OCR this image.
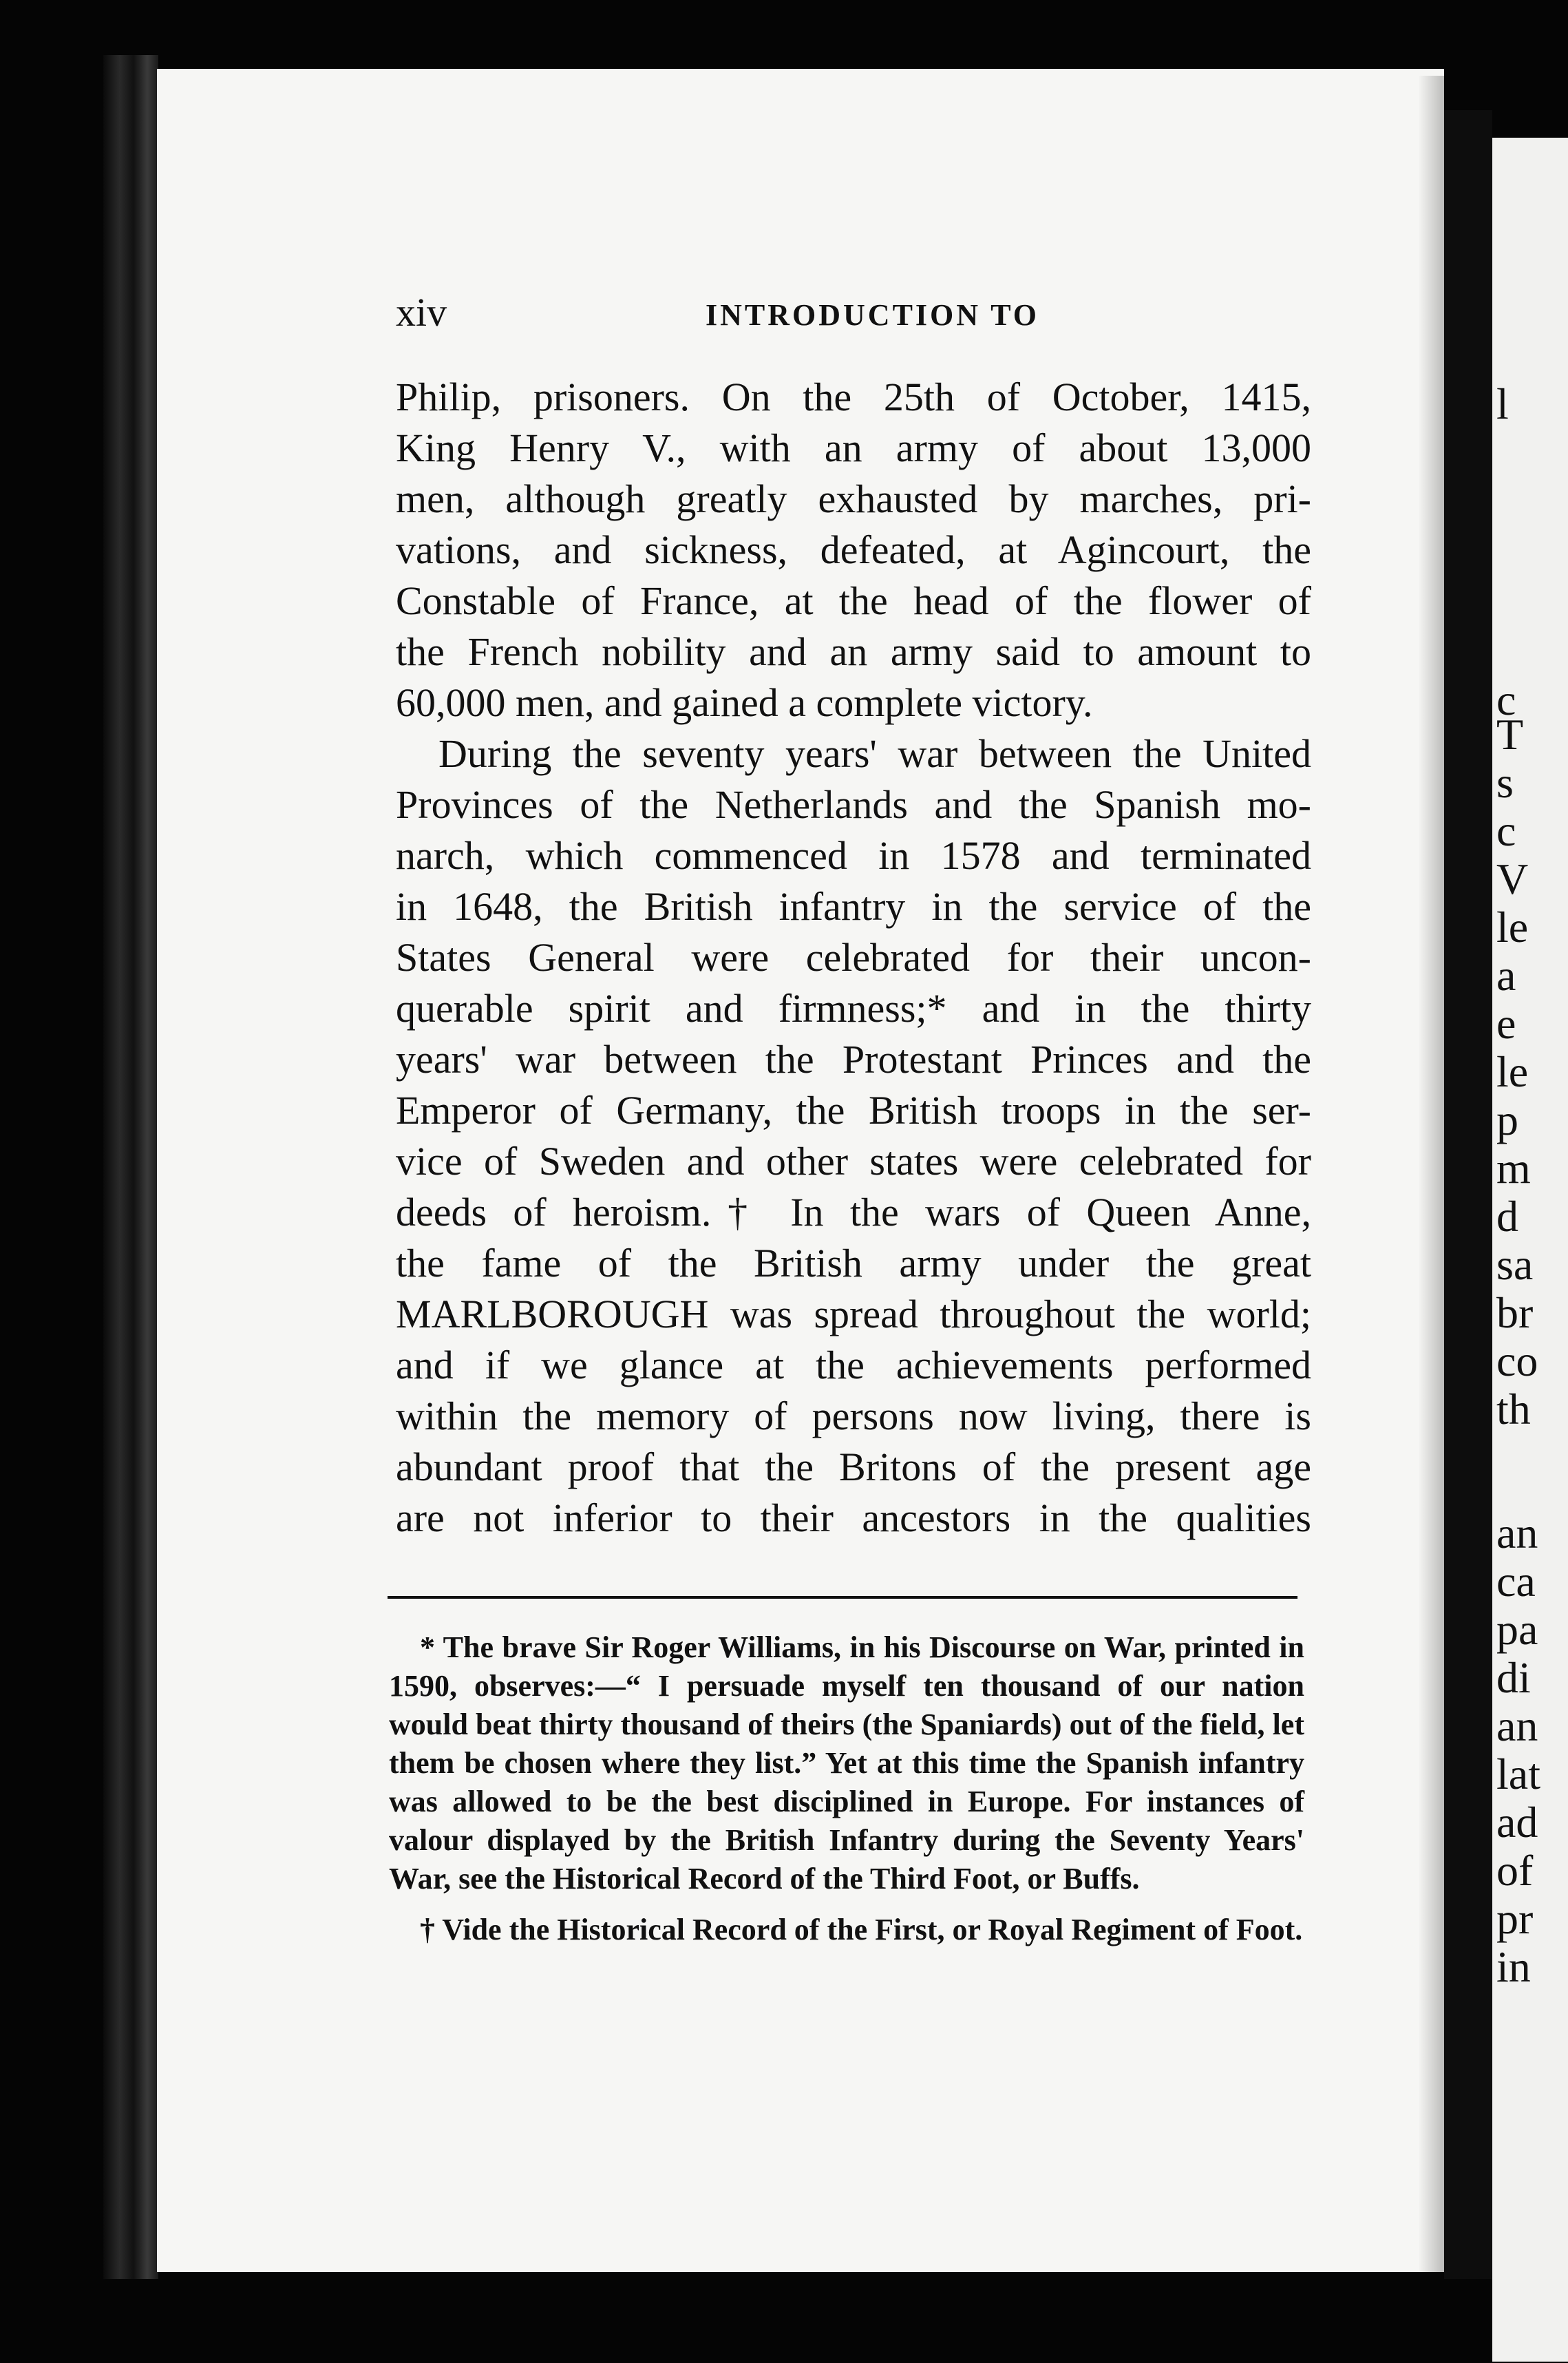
l
c
T
s
c
V
le
a
e
le
p
m
d
sa
br
co
th
an
ca
pa
di
an
lat
ad
of
pr
in
xiv	INTRODUCTION TO
Philip, prisoners. On the 25th of October, 1415,
King Henry V., with an army of about 13,000
men, although greatly exhausted by marches, pri-
vations, and sickness, defeated, at Agincourt, the
Constable of France, at the head of the flower of
the French nobility and an army said to amount to
60,000 men, and gained a complete victory.
During the seventy years' war between the United
Provinces of the Netherlands and the Spanish mo-
narch, which commenced in 1578 and terminated
in 1648, the British infantry in the service of the
States General were celebrated for their uncon-
querable spirit and firmness;* and in the thirty
years' war between the Protestant Princes and the
Emperor of Germany, the British troops in the ser-
vice of Sweden and other states were celebrated for
deeds of heroism.† In the wars of Queen Anne,
the fame of the British army under the great
MARLBOROUGH was spread throughout the world;
and if we glance at the achievements performed
within the memory of persons now living, there is
abundant proof that the Britons of the present age
are not inferior to their ancestors in the qualities

* The brave Sir Roger Williams, in his Discourse on War, printed in 1590, observes:—“ I persuade myself ten thousand of our nation would beat thirty thousand of theirs (the Spaniards) out of the field, let them be chosen where they list.” Yet at this time the Spanish infantry was allowed to be the best disciplined in Europe. For instances of valour displayed by the British Infantry during the Seventy Years' War, see the Historical Record of the Third Foot, or Buffs.

† Vide the Historical Record of the First, or Royal Regiment of Foot.
